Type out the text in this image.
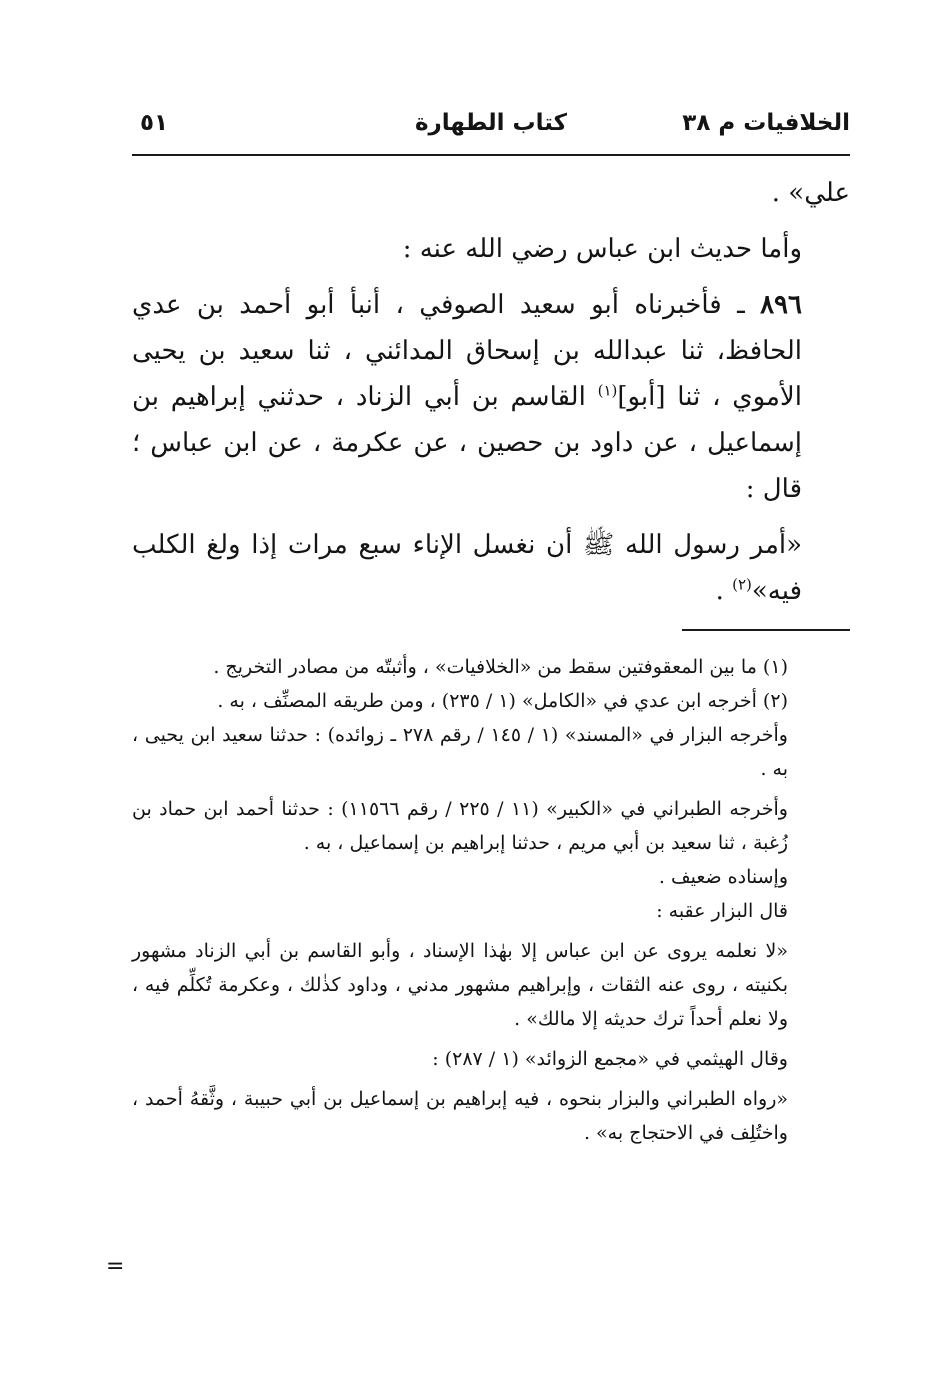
الخلافيات م ٣٨
كتاب الطهارة
٥١

علي» .

وأما حديث ابن عباس رضي الله عنه :

٨٩٦ ـ فأخبرناه أبو سعيد الصوفي ، أنبأ أبو أحمد بن عدي الحافظ، ثنا عبدالله بن إسحاق المدائني ، ثنا سعيد بن يحيى الأموي ، ثنا [أبو]$^{(١)}$ القاسم بن أبي الزناد ، حدثني إبراهيم بن إسماعيل ، عن داود بن حصين ، عن عكرمة ، عن ابن عباس ؛ قال :

«أمر رسول الله ﷺ أن نغسل الإناء سبع مرات إذا ولغ الكلب فيه»$^{(٢)}$ .

(١) ما بين المعقوفتين سقط من «الخلافيات» ، وأثبتّه من مصادر التخريج .

(٢) أخرجه ابن عدي في «الكامل» (١ / ٢٣٥) ، ومن طريقه المصنِّف ، به .

وأخرجه البزار في «المسند» (١ / ١٤٥ / رقم ٢٧٨ ـ زوائده) : حدثنا سعيد ابن يحيى ، به .

وأخرجه الطبراني في «الكبير» (١١ / ٢٢٥ / رقم ١١٥٦٦) : حدثنا أحمد ابن حماد بن زُغبة ، ثنا سعيد بن أبي مريم ، حدثنا إبراهيم بن إسماعيل ، به .

وإسناده ضعيف .

قال البزار عقبه :

«لا نعلمه يروى عن ابن عباس إلا بهٰذا الإسناد ، وأبو القاسم بن أبي الزناد مشهور بكنيته ، روى عنه الثقات ، وإبراهيم مشهور مدني ، وداود كذٰلك ، وعكرمة تُكلِّم فيه ، ولا نعلم أحداً ترك حديثه إلا مالك» .

وقال الهيثمي في «مجمع الزوائد» (١ / ٢٨٧) :

«رواه الطبراني والبزار بنحوه ، فيه إبراهيم بن إسماعيل بن أبي حبيبة ، وثَّقهُ أحمد ، واختُلِف في الاحتجاج به» .

=
